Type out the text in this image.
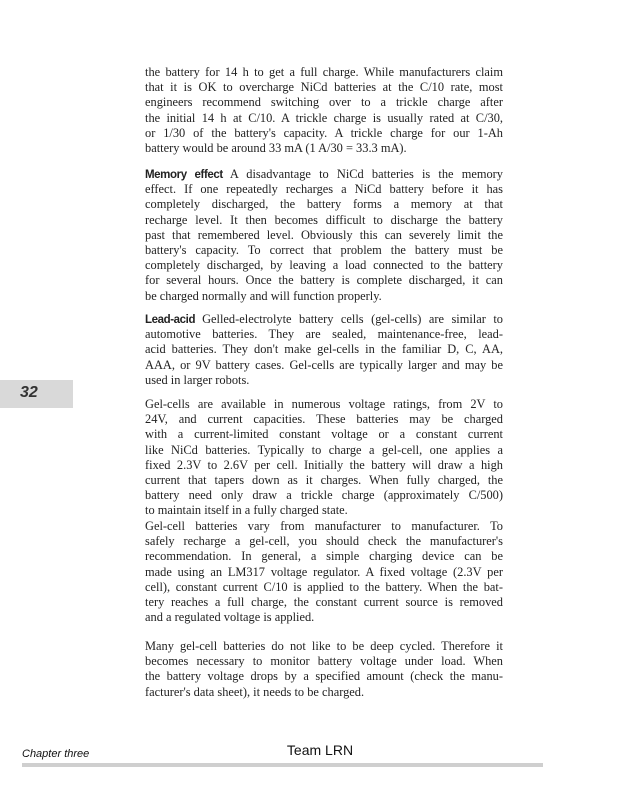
32
the battery for 14 h to get a full charge. While manufacturers claim
that it is OK to overcharge NiCd batteries at the C/10 rate, most
engineers recommend switching over to a trickle charge after
the initial 14 h at C/10. A trickle charge is usually rated at C/30,
or 1/30 of the battery's capacity. A trickle charge for our 1-Ah
battery would be around 33 mA (1 A/30 = 33.3 mA).
Memory effect A disadvantage to NiCd batteries is the memory
effect. If one repeatedly recharges a NiCd battery before it has
completely discharged, the battery forms a memory at that
recharge level. It then becomes difficult to discharge the battery
past that remembered level. Obviously this can severely limit the
battery's capacity. To correct that problem the battery must be
completely discharged, by leaving a load connected to the battery
for several hours. Once the battery is complete discharged, it can
be charged normally and will function properly.
Lead-acid Gelled-electrolyte battery cells (gel-cells) are similar to
automotive batteries. They are sealed, maintenance-free, lead-
acid batteries. They don't make gel-cells in the familiar D, C, AA,
AAA, or 9V battery cases. Gel-cells are typically larger and may be
used in larger robots.
Gel-cells are available in numerous voltage ratings, from 2V to
24V, and current capacities. These batteries may be charged
with a current-limited constant voltage or a constant current
like NiCd batteries. Typically to charge a gel-cell, one applies a
fixed 2.3V to 2.6V per cell. Initially the battery will draw a high
current that tapers down as it charges. When fully charged, the
battery need only draw a trickle charge (approximately C/500)
to maintain itself in a fully charged state.
Gel-cell batteries vary from manufacturer to manufacturer. To
safely recharge a gel-cell, you should check the manufacturer's
recommendation. In general, a simple charging device can be
made using an LM317 voltage regulator. A fixed voltage (2.3V per
cell), constant current C/10 is applied to the battery. When the bat-
tery reaches a full charge, the constant current source is removed
and a regulated voltage is applied.
Many gel-cell batteries do not like to be deep cycled. Therefore it
becomes necessary to monitor battery voltage under load. When
the battery voltage drops by a specified amount (check the manu-
facturer's data sheet), it needs to be charged.
Chapter three	Team LRN
